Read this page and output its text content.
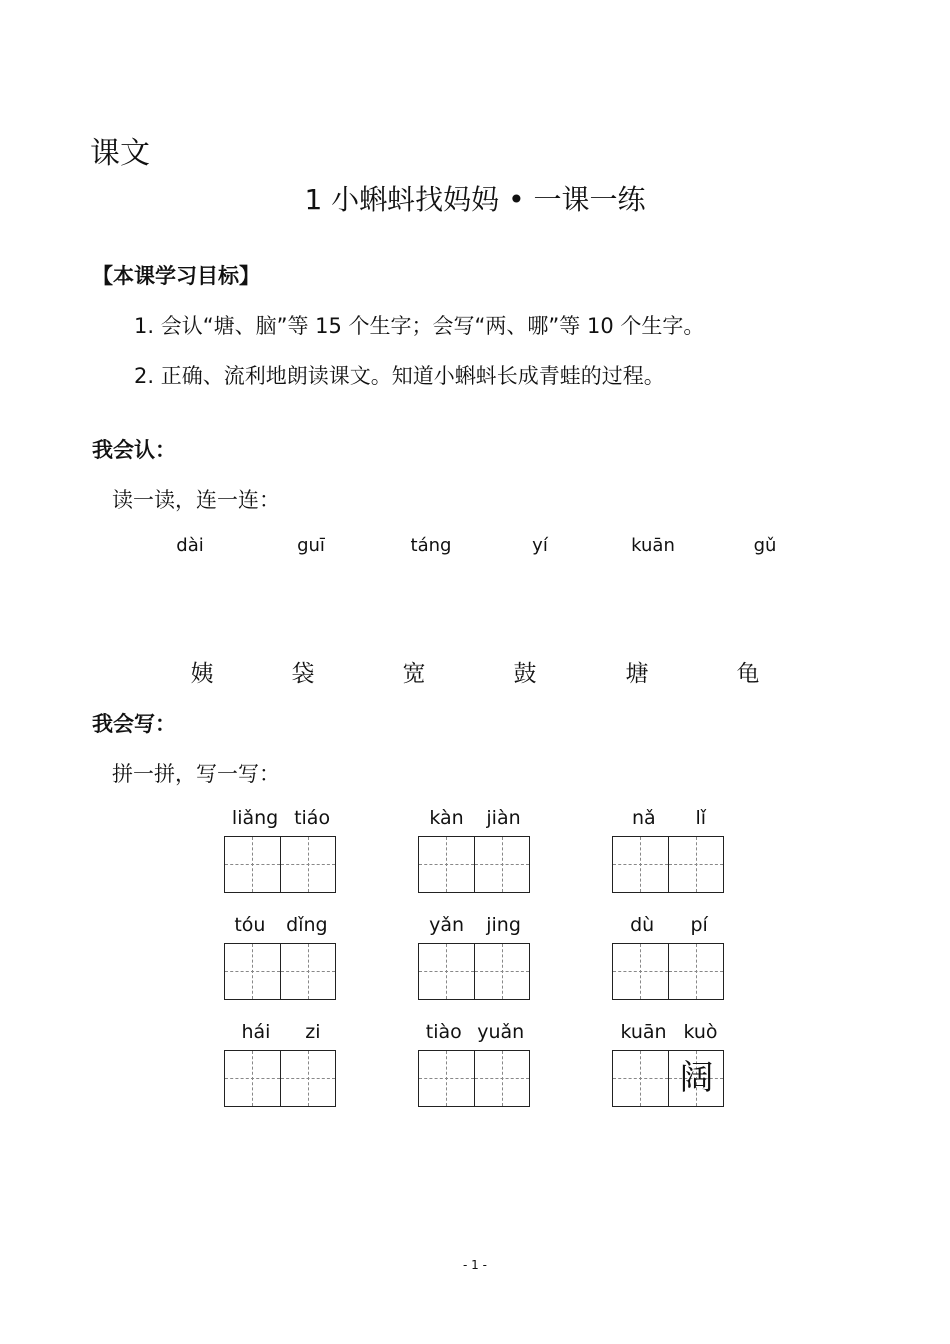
课文
1 小蝌蚪找妈妈 • 一课一练
【本课学习目标】
1. 会认“塘、脑”等 15 个生字；会写“两、哪”等 10 个生字。
2. 正确、流利地朗读课文。知道小蝌蚪长成青蛙的过程。
我会认：
读一读，连一连：
dài	guī	táng	yí	kuān	gǔ
姨	袋	宽	鼓	塘	龟
我会写：
拼一拼，写一写：
liǎng tiáo	kàn jiàn	nǎ lǐ
tóu dǐng	yǎn jing	dù pí
hái zi	tiào yuǎn	kuān kuò
阔
- 1 -
